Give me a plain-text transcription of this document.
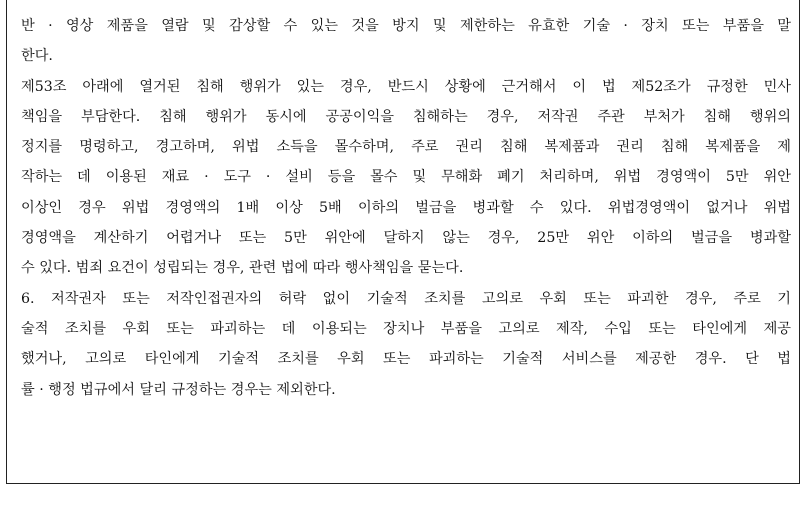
반 · 영상 제품을 열람 및 감상할 수 있는 것을 방지 및 제한하는 유효한 기술 · 장치 또는 부품을 말
한다.
제53조 아래에 열거된 침해 행위가 있는 경우, 반드시 상황에 근거해서 이 법 제52조가 규정한 민사
책임을 부담한다. 침해 행위가 동시에 공공이익을 침해하는 경우, 저작권 주관 부처가 침해 행위의
정지를 명령하고, 경고하며, 위법 소득을 몰수하며, 주로 권리 침해 복제품과 권리 침해 복제품을 제
작하는 데 이용된 재료 · 도구 · 설비 등을 몰수 및 무해화 폐기 처리하며, 위법 경영액이 5만 위안
이상인 경우 위법 경영액의 1배 이상 5배 이하의 벌금을 병과할 수 있다. 위법경영액이 없거나 위법
경영액을 계산하기 어렵거나 또는 5만 위안에 달하지 않는 경우, 25만 위안 이하의 벌금을 병과할
수 있다. 범죄 요건이 성립되는 경우, 관련 법에 따라 행사책임을 묻는다.
6. 저작권자 또는 저작인접권자의 허락 없이 기술적 조치를 고의로 우회 또는 파괴한 경우, 주로 기
술적 조치를 우회 또는 파괴하는 데 이용되는 장치나 부품을 고의로 제작, 수입 또는 타인에게 제공
했거나, 고의로 타인에게 기술적 조치를 우회 또는 파괴하는 기술적 서비스를 제공한 경우. 단 법
률 · 행정 법규에서 달리 규정하는 경우는 제외한다.
